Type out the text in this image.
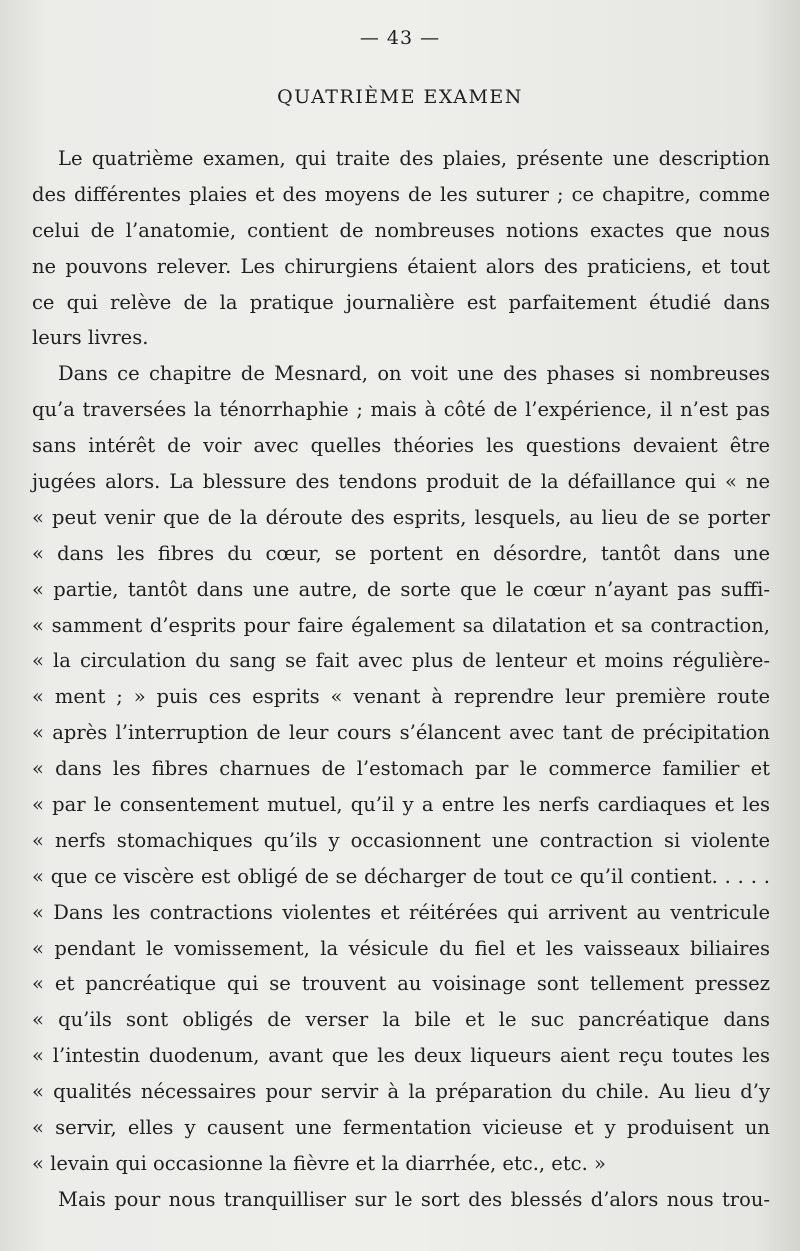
— 43 —
QUATRIÈME EXAMEN
Le quatrième examen, qui traite des plaies, présente une description
des différentes plaies et des moyens de les suturer ; ce chapitre, comme
celui de l’anatomie, contient de nombreuses notions exactes que nous
ne pouvons relever. Les chirurgiens étaient alors des praticiens, et tout
ce qui relève de la pratique journalière est parfaitement étudié dans
leurs livres.
Dans ce chapitre de Mesnard, on voit une des phases si nombreuses
qu’a traversées la ténorrhaphie ; mais à côté de l’expérience, il n’est pas
sans intérêt de voir avec quelles théories les questions devaient être
jugées alors. La blessure des tendons produit de la défaillance qui « ne
« peut venir que de la déroute des esprits, lesquels, au lieu de se porter
« dans les fibres du cœur, se portent en désordre, tantôt dans une
« partie, tantôt dans une autre, de sorte que le cœur n’ayant pas suffi-
« samment d’esprits pour faire également sa dilatation et sa contraction,
« la circulation du sang se fait avec plus de lenteur et moins régulière-
« ment ; » puis ces esprits « venant à reprendre leur première route
« après l’interruption de leur cours s’élancent avec tant de précipitation
« dans les fibres charnues de l’estomach par le commerce familier et
« par le consentement mutuel, qu’il y a entre les nerfs cardiaques et les
« nerfs stomachiques qu’ils y occasionnent une contraction si violente
« que ce viscère est obligé de se décharger de tout ce qu’il contient. . . . .
« Dans les contractions violentes et réitérées qui arrivent au ventricule
« pendant le vomissement, la vésicule du fiel et les vaisseaux biliaires
« et pancréatique qui se trouvent au voisinage sont tellement pressez
« qu’ils sont obligés de verser la bile et le suc pancréatique dans
« l’intestin duodenum, avant que les deux liqueurs aient reçu toutes les
« qualités nécessaires pour servir à la préparation du chile. Au lieu d’y
« servir, elles y causent une fermentation vicieuse et y produisent un
« levain qui occasionne la fièvre et la diarrhée, etc., etc. »
Mais pour nous tranquilliser sur le sort des blessés d’alors nous trou-
